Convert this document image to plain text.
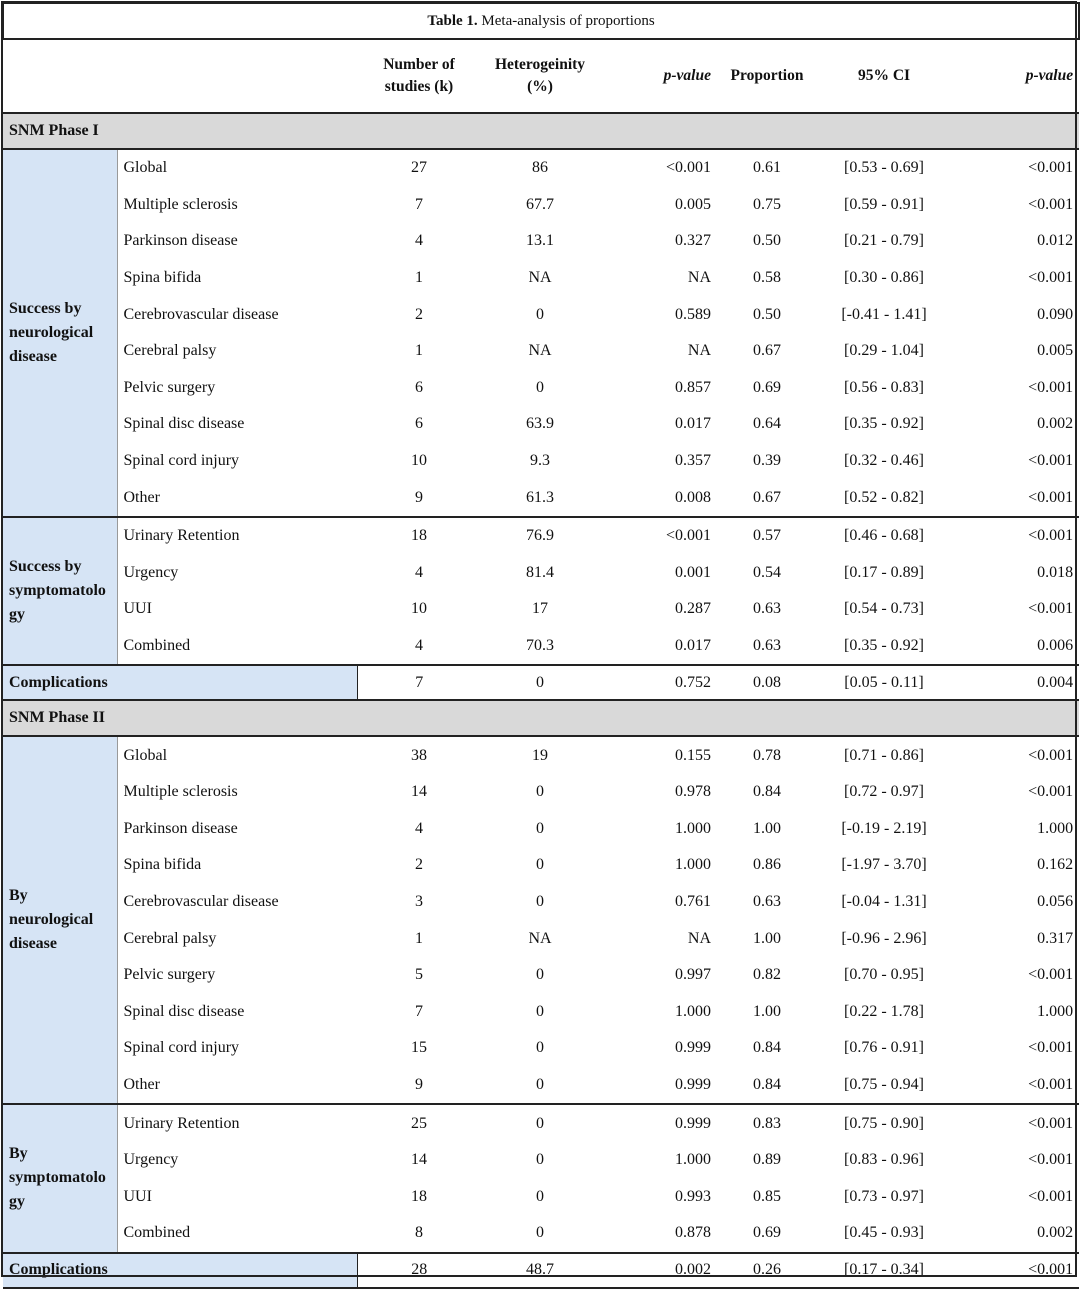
Table 1. Meta-analysis of proportions							
		Number of studies (k)	Heterogeinity (%)	p-value	Proportion	95% CI	p-value
SNM Phase I							
Success by neurological disease	Global	27	86	<0.001	0.61	[0.53 - 0.69]	<0.001
	Multiple sclerosis	7	67.7	0.005	0.75	[0.59 - 0.91]	<0.001
	Parkinson disease	4	13.1	0.327	0.50	[0.21 - 0.79]	0.012
	Spina bifida	1	NA	NA	0.58	[0.30 - 0.86]	<0.001
	Cerebrovascular disease	2	0	0.589	0.50	[-0.41 - 1.41]	0.090
	Cerebral palsy	1	NA	NA	0.67	[0.29 - 1.04]	0.005
	Pelvic surgery	6	0	0.857	0.69	[0.56 - 0.83]	<0.001
	Spinal disc disease	6	63.9	0.017	0.64	[0.35 - 0.92]	0.002
	Spinal cord injury	10	9.3	0.357	0.39	[0.32 - 0.46]	<0.001
	Other	9	61.3	0.008	0.67	[0.52 - 0.82]	<0.001
Success by symptomatolo gy	Urinary Retention	18	76.9	<0.001	0.57	[0.46 - 0.68]	<0.001
	Urgency	4	81.4	0.001	0.54	[0.17 - 0.89]	0.018
	UUI	10	17	0.287	0.63	[0.54 - 0.73]	<0.001
	Combined	4	70.3	0.017	0.63	[0.35 - 0.92]	0.006
Complications		7	0	0.752	0.08	[0.05 - 0.11]	0.004
SNM Phase II							
By neurological disease	Global	38	19	0.155	0.78	[0.71 - 0.86]	<0.001
	Multiple sclerosis	14	0	0.978	0.84	[0.72 - 0.97]	<0.001
	Parkinson disease	4	0	1.000	1.00	[-0.19 - 2.19]	1.000
	Spina bifida	2	0	1.000	0.86	[-1.97 - 3.70]	0.162
	Cerebrovascular disease	3	0	0.761	0.63	[-0.04 - 1.31]	0.056
	Cerebral palsy	1	NA	NA	1.00	[-0.96 - 2.96]	0.317
	Pelvic surgery	5	0	0.997	0.82	[0.70 - 0.95]	<0.001
	Spinal disc disease	7	0	1.000	1.00	[0.22 - 1.78]	1.000
	Spinal cord injury	15	0	0.999	0.84	[0.76 - 0.91]	<0.001
	Other	9	0	0.999	0.84	[0.75 - 0.94]	<0.001
By symptomatolo gy	Urinary Retention	25	0	0.999	0.83	[0.75 - 0.90]	<0.001
	Urgency	14	0	1.000	0.89	[0.83 - 0.96]	<0.001
	UUI	18	0	0.993	0.85	[0.73 - 0.97]	<0.001
	Combined	8	0	0.878	0.69	[0.45 - 0.93]	0.002
Complications		28	48.7	0.002	0.26	[0.17 - 0.34]	<0.001
